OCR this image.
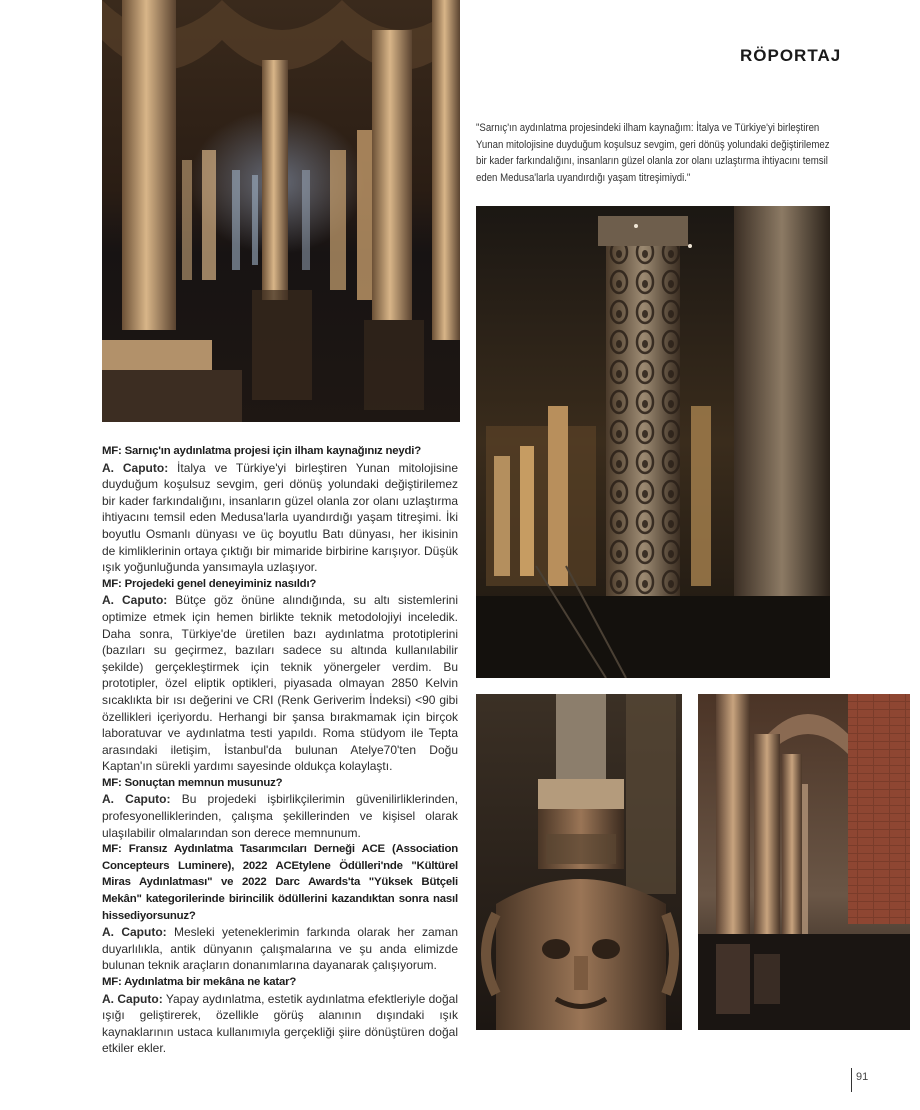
RÖPORTAJ

"Sarnıç'ın aydınlatma projesindeki ilham kaynağım: İtalya ve Türkiye'yi birleştiren Yunan mitolojisine duyduğum koşulsuz sevgim, geri dönüş yolundaki değiştirilemez bir kader farkındalığını, insanların güzel olanla zor olanı uzlaştırma ihtiyacını temsil eden Medusa'larla uyandırdığı yaşam titreşimiydi."

MF: Sarnıç'ın aydınlatma projesi için ilham kaynağınız neydi?

A. Caputo: İtalya ve Türkiye'yi birleştiren Yunan mitolojisine duyduğum koşulsuz sevgim, geri dönüş yolundaki değiştirilemez bir kader farkındalığını, insanların güzel olanla zor olanı uzlaştırma ihtiyacını temsil eden Medusa'larla uyandırdığı yaşam titreşimi. İki boyutlu Osmanlı dünyası ve üç boyutlu Batı dünyası, her ikisinin de kimliklerinin ortaya çıktığı bir mimaride birbirine karışıyor. Düşük ışık yoğunluğunda yansımayla uzlaşıyor.

MF: Projedeki genel deneyiminiz nasıldı?

A. Caputo: Bütçe göz önüne alındığında, su altı sistemlerini optimize etmek için hemen birlikte teknik metodolojiyi inceledik. Daha sonra, Türkiye'de üretilen bazı aydınlatma prototiplerini (bazıları su geçirmez, bazıları sadece su altında kullanılabilir şekilde) gerçekleştirmek için teknik yönergeler verdim. Bu prototipler, özel eliptik optikleri, piyasada olmayan 2850 Kelvin sıcaklıkta bir ısı değerini ve CRI (Renk Geriverim İndeksi) <90 gibi özellikleri içeriyordu. Herhangi bir şansa bırakmamak için birçok laboratuvar ve aydınlatma testi yapıldı. Roma stüdyom ile Tepta arasındaki iletişim, İstanbul'da bulunan Atelye70'ten Doğu Kaptan'ın sürekli yardımı sayesinde oldukça kolaylaştı.

MF: Sonuçtan memnun musunuz?

A. Caputo: Bu projedeki işbirlikçilerimin güvenilirliklerinden, profesyonelliklerinden, çalışma şekillerinden ve kişisel olarak ulaşılabilir olmalarından son derece memnunum.

MF: Fransız Aydınlatma Tasarımcıları Derneği ACE (Association Concepteurs Luminere), 2022 ACEtylene Ödülleri'nde "Kültürel Miras Aydınlatması" ve 2022 Darc Awards'ta "Yüksek Bütçeli Mekân" kategorilerinde birincilik ödüllerini kazandıktan sonra nasıl hissediyorsunuz?

A. Caputo: Mesleki yeteneklerimin farkında olarak her zaman duyarlılıkla, antik dünyanın çalışmalarına ve şu anda elimizde bulunan teknik araçların donanımlarına dayanarak çalışıyorum.

MF: Aydınlatma bir mekâna ne katar?

A. Caputo: Yapay aydınlatma, estetik aydınlatma efektleriyle doğal ışığı geliştirerek, özellikle görüş alanının dışındaki ışık kaynaklarının ustaca kullanımıyla gerçekliği şiire dönüştüren doğal etkiler ekler.

91
